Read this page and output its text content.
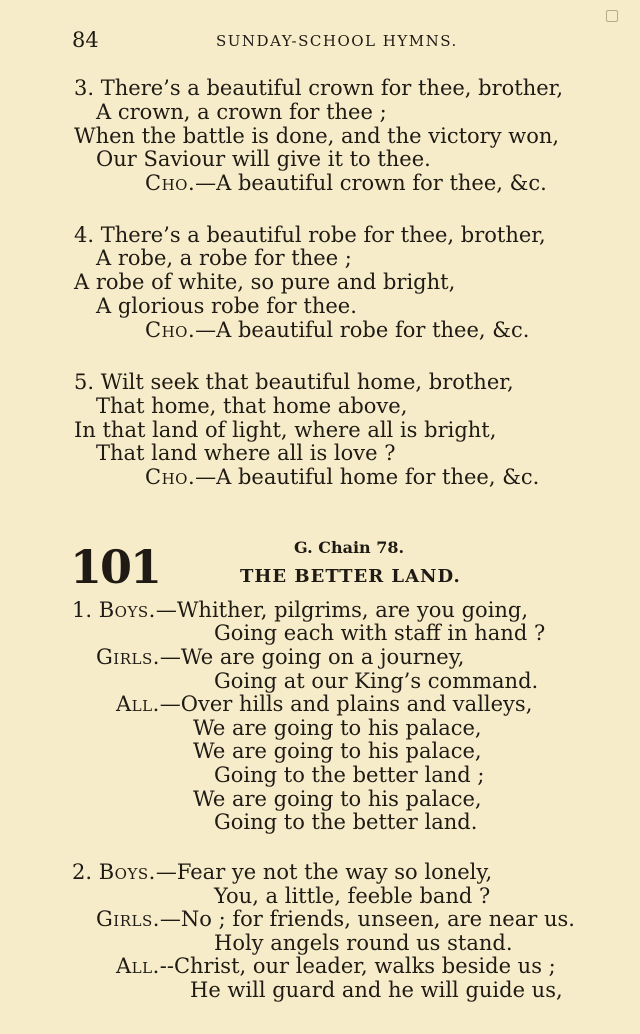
84	SUNDAY-SCHOOL HYMNS.
3. There’s a beautiful crown for thee, brother,
A crown, a crown for thee ;
When the battle is done, and the victory won,
Our Saviour will give it to thee.
Cho.—A beautiful crown for thee, &c.
4. There’s a beautiful robe for thee, brother,
A robe, a robe for thee ;
A robe of white, so pure and bright,
A glorious robe for thee.
Cho.—A beautiful robe for thee, &c.
5. Wilt seek that beautiful home, brother,
That home, that home above,
In that land of light, where all is bright,
That land where all is love ?
Cho.—A beautiful home for thee, &c.
101	G. Chain 78.
THE BETTER LAND.
1. Boys.—Whither, pilgrims, are you going,
Going each with staff in hand ?
Girls.—We are going on a journey,
Going at our King’s command.
All.—Over hills and plains and valleys,
We are going to his palace,
We are going to his palace,
Going to the better land ;
We are going to his palace,
Going to the better land.
2. Boys.—Fear ye not the way so lonely,
You, a little, feeble band ?
Girls.—No ; for friends, unseen, are near us.
Holy angels round us stand.
All.--Christ, our leader, walks beside us ;
He will guard and he will guide us,
